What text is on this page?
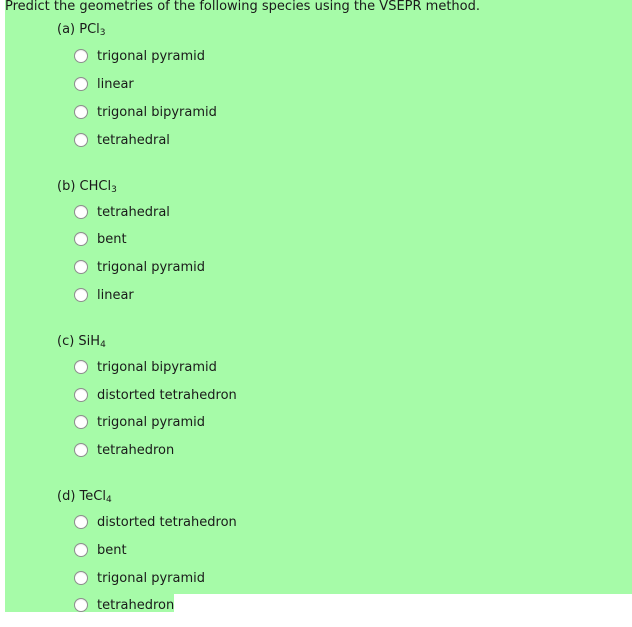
Predict the geometries of the following species using the VSEPR method.
(a) PCl$_3$
trigonal pyramid
linear
trigonal bipyramid
tetrahedral
(b) CHCl$_3$
tetrahedral
bent
trigonal pyramid
linear
(c) SiH$_4$
trigonal bipyramid
distorted tetrahedron
trigonal pyramid
tetrahedron
(d) TeCl$_4$
distorted tetrahedron
bent
trigonal pyramid
tetrahedron
